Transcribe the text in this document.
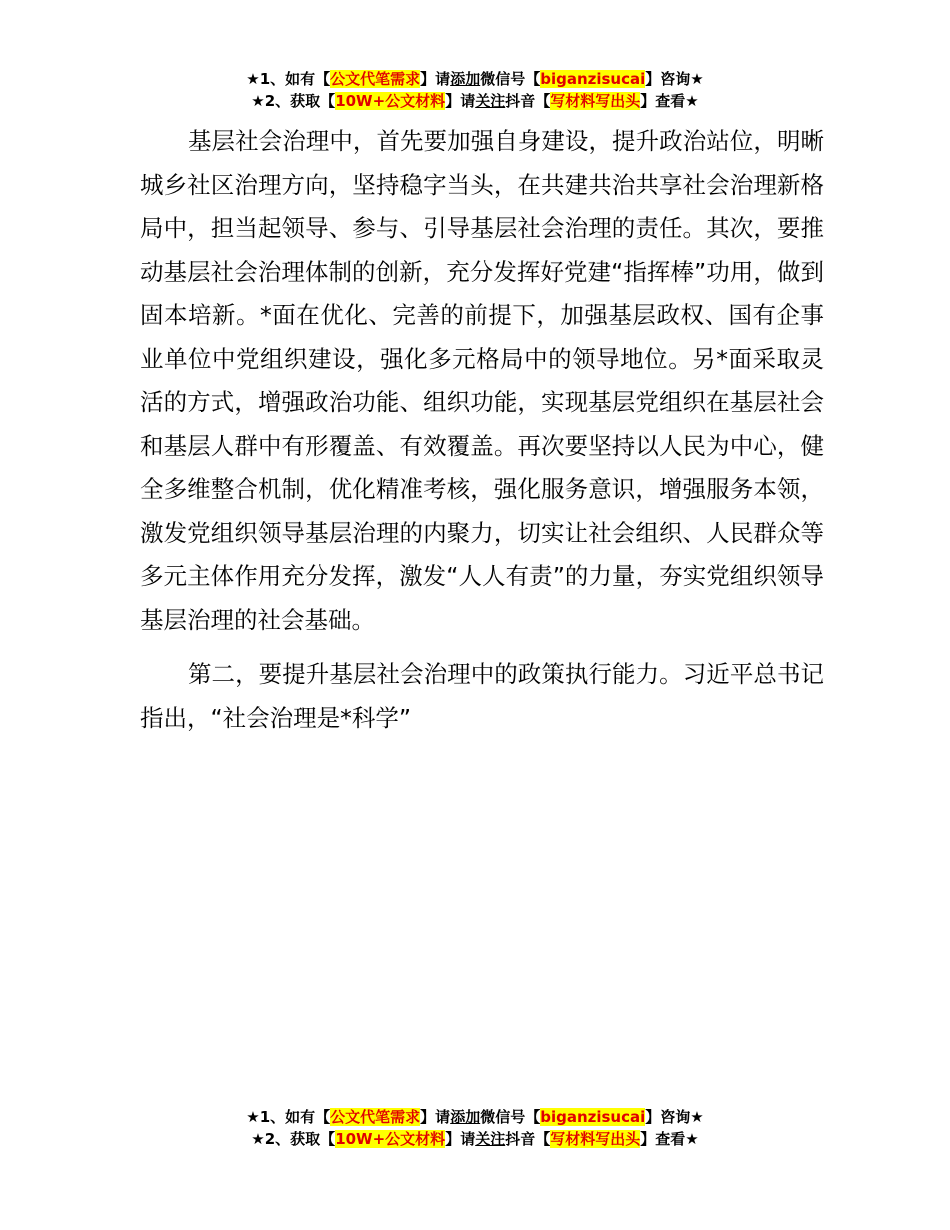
★1、如有【公文代笔需求】请添加微信号【biganzisucai】咨询★
★2、获取【10W+公文材料】请关注抖音【写材料写出头】查看★

基层社会治理中，首先要加强自身建设，提升政治站位，明晰城乡社区治理方向，坚持稳字当头，在共建共治共享社会治理新格局中，担当起领导、参与、引导基层社会治理的责任。其次，要推动基层社会治理体制的创新，充分发挥好党建“指挥棒”功用，做到固本培新。*面在优化、完善的前提下，加强基层政权、国有企事业单位中党组织建设，强化多元格局中的领导地位。另*面采取灵活的方式，增强政治功能、组织功能，实现基层党组织在基层社会和基层人群中有形覆盖、有效覆盖。再次要坚持以人民为中心，健全多维整合机制，优化精准考核，强化服务意识，增强服务本领，激发党组织领导基层治理的内聚力，切实让社会组织、人民群众等多元主体作用充分发挥，激发“人人有责”的力量，夯实党组织领导基层治理的社会基础。

第二，要提升基层社会治理中的政策执行能力。习近平总书记指出，“社会治理是*科学”

★1、如有【公文代笔需求】请添加微信号【biganzisucai】咨询★
★2、获取【10W+公文材料】请关注抖音【写材料写出头】查看★
